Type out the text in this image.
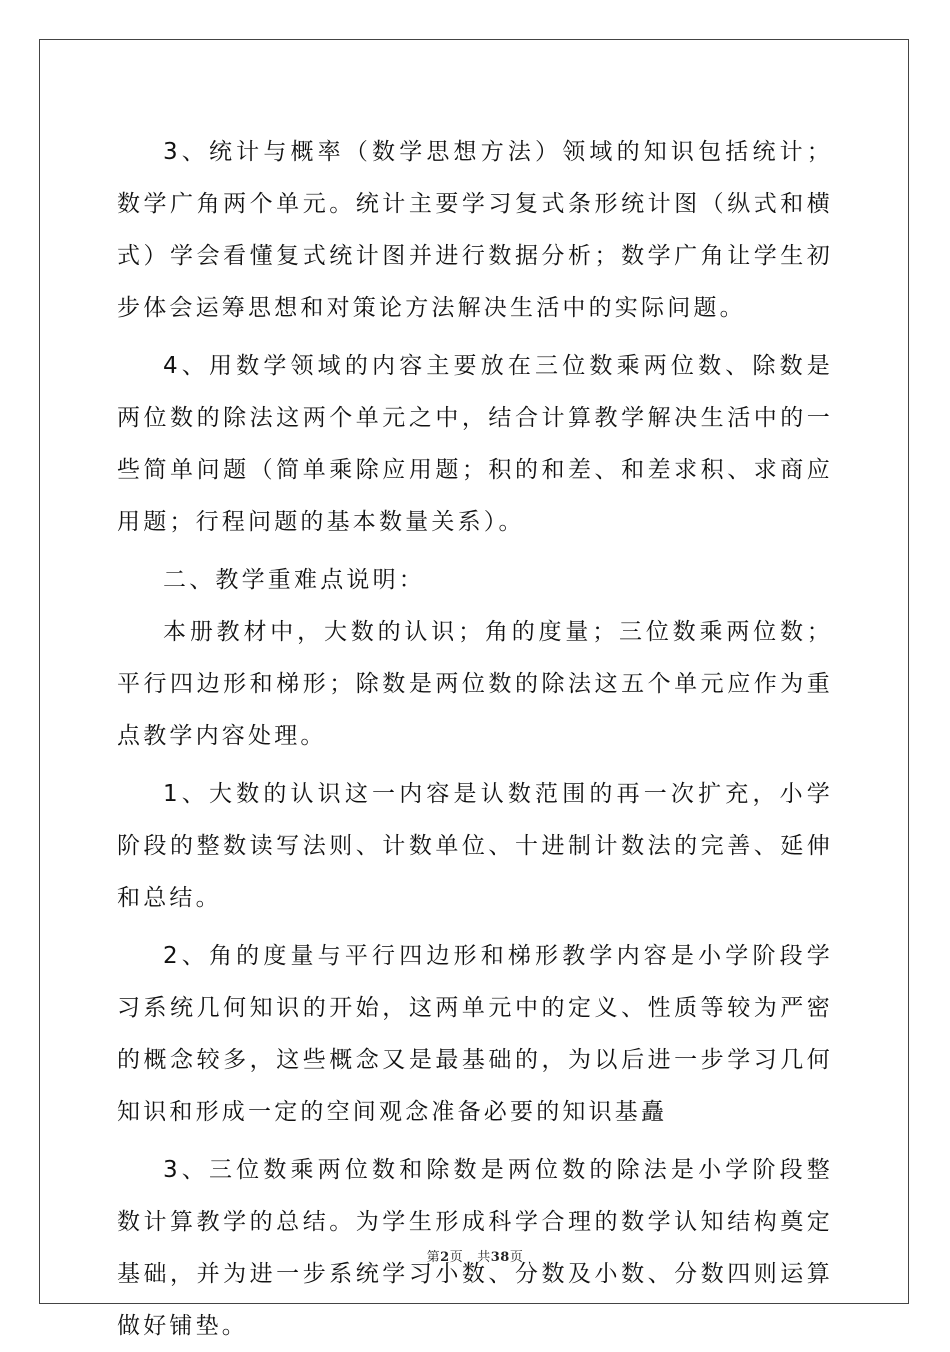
3、统计与概率（数学思想方法）领域的知识包括统计；数学广角两个单元。统计主要学习复式条形统计图（纵式和横式）学会看懂复式统计图并进行数据分析；数学广角让学生初步体会运筹思想和对策论方法解决生活中的实际问题。

4、用数学领域的内容主要放在三位数乘两位数、除数是两位数的除法这两个单元之中，结合计算教学解决生活中的一些简单问题（简单乘除应用题；积的和差、和差求积、求商应用题；行程问题的基本数量关系）。

二、教学重难点说明：

本册教材中，大数的认识；角的度量；三位数乘两位数；平行四边形和梯形；除数是两位数的除法这五个单元应作为重点教学内容处理。

1、大数的认识这一内容是认数范围的再一次扩充，小学阶段的整数读写法则、计数单位、十进制计数法的完善、延伸和总结。

2、角的度量与平行四边形和梯形教学内容是小学阶段学习系统几何知识的开始，这两单元中的定义、性质等较为严密的概念较多，这些概念又是最基础的，为以后进一步学习几何知识和形成一定的空间观念准备必要的知识基矗

3、三位数乘两位数和除数是两位数的除法是小学阶段整数计算教学的总结。为学生形成科学合理的数学认知结构奠定基础，并为进一步系统学习小数、分数及小数、分数四则运算做好铺垫。

第2页 共38页
